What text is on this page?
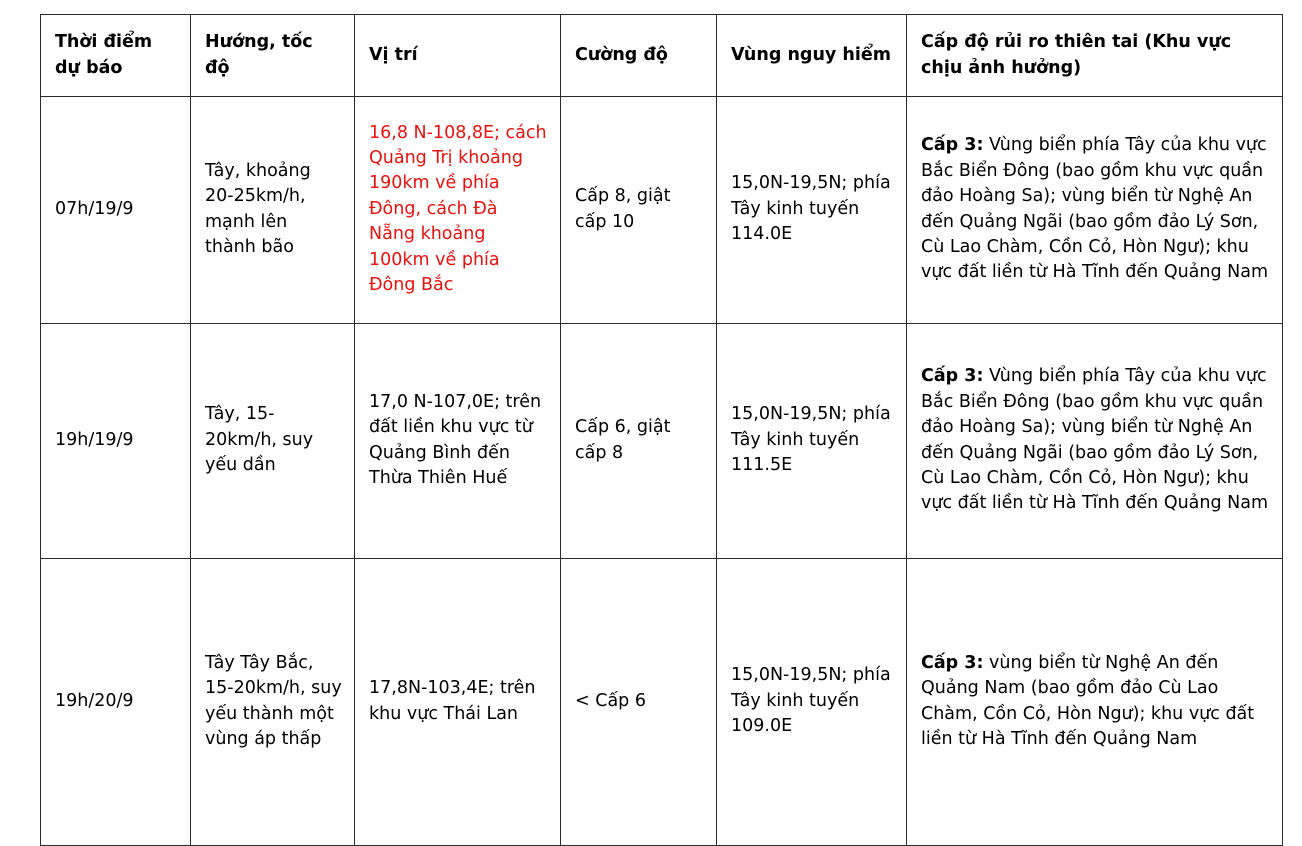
Thời điểm dự báo	Hướng, tốc độ	Vị trí	Cường độ	Vùng nguy hiểm	Cấp độ rủi ro thiên tai (Khu vực chịu ảnh hưởng)
07h/19/9	Tây, khoảng 20-25km/h, mạnh lên thành bão	16,8 N-108,8E; cách Quảng Trị khoảng 190km về phía Đông, cách Đà Nẵng khoảng 100km về phía Đông Bắc	Cấp 8, giật cấp 10	15,0N-19,5N; phía Tây kinh tuyến 114.0E	Cấp 3: Vùng biển phía Tây của khu vực Bắc Biển Đông (bao gồm khu vực quần đảo Hoàng Sa); vùng biển từ Nghệ An đến Quảng Ngãi (bao gồm đảo Lý Sơn, Cù Lao Chàm, Cồn Cỏ, Hòn Ngư); khu vực đất liền từ Hà Tĩnh đến Quảng Nam
19h/19/9	Tây, 15-20km/h, suy yếu dần	17,0 N-107,0E; trên đất liền khu vực từ Quảng Bình đến Thừa Thiên Huế	Cấp 6, giật cấp 8	15,0N-19,5N; phía Tây kinh tuyến 111.5E	Cấp 3: Vùng biển phía Tây của khu vực Bắc Biển Đông (bao gồm khu vực quần đảo Hoàng Sa); vùng biển từ Nghệ An đến Quảng Ngãi (bao gồm đảo Lý Sơn, Cù Lao Chàm, Cồn Cỏ, Hòn Ngư); khu vực đất liền từ Hà Tĩnh đến Quảng Nam
19h/20/9	Tây Tây Bắc, 15-20km/h, suy yếu thành một vùng áp thấp	17,8N-103,4E; trên khu vực Thái Lan	< Cấp 6	15,0N-19,5N; phía Tây kinh tuyến 109.0E	Cấp 3: vùng biển từ Nghệ An đến Quảng Nam (bao gồm đảo Cù Lao Chàm, Cồn Cỏ, Hòn Ngư); khu vực đất liền từ Hà Tĩnh đến Quảng Nam
